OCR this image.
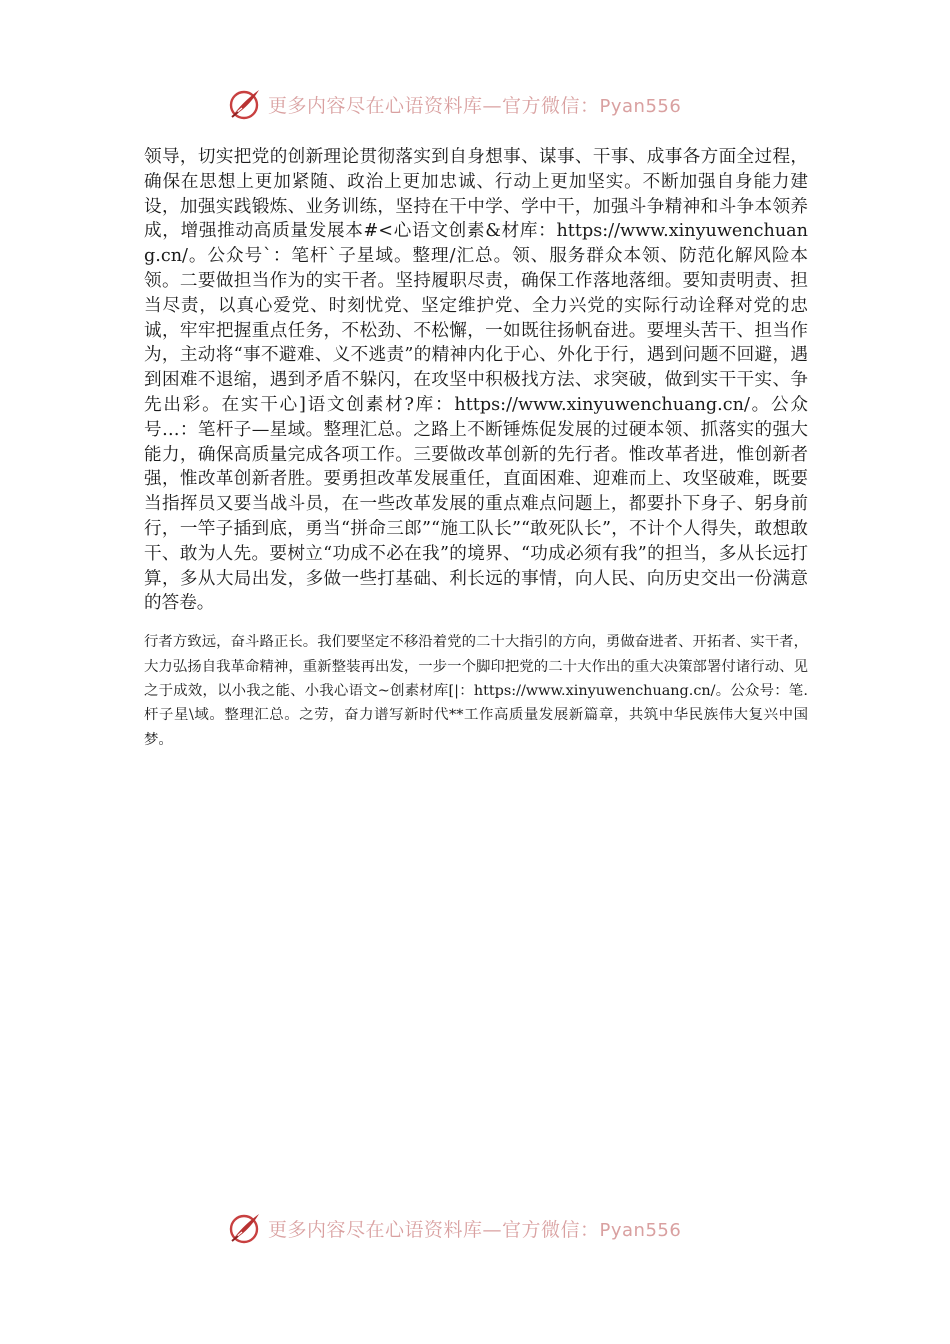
更多内容尽在心语资料库—官方微信：Pyan556

领导，切实把党的创新理论贯彻落实到自身想事、谋事、干事、成事各方面全过程，确保在思想上更加紧随、政治上更加忠诚、行动上更加坚实。不断加强自身能力建设，加强实践锻炼、业务训练，坚持在干中学、学中干，加强斗争精神和斗争本领养成，增强推动高质量发展本#<心语文创素&材库：https://www.xinyuwenchuang.cn/。公众号`：笔杆`子星域。整理/汇总。领、服务群众本领、防范化解风险本领。二要做担当作为的实干者。坚持履职尽责，确保工作落地落细。要知责明责、担当尽责，以真心爱党、时刻忧党、坚定维护党、全力兴党的实际行动诠释对党的忠诚，牢牢把握重点任务，不松劲、不松懈，一如既往扬帆奋进。要埋头苦干、担当作为，主动将“事不避难、义不逃责”的精神内化于心、外化于行，遇到问题不回避，遇到困难不退缩，遇到矛盾不躲闪，在攻坚中积极找方法、求突破，做到实干干实、争先出彩。在实干心]语文创素材?库：https://www.xinyuwenchuang.cn/。公众号…：笔杆子—星域。整理汇总。之路上不断锤炼促发展的过硬本领、抓落实的强大能力，确保高质量完成各项工作。三要做改革创新的先行者。惟改革者进，惟创新者强，惟改革创新者胜。要勇担改革发展重任，直面困难、迎难而上、攻坚破难，既要当指挥员又要当战斗员，在一些改革发展的重点难点问题上，都要扑下身子、躬身前行，一竿子插到底，勇当“拼命三郎”“施工队长”“敢死队长”，不计个人得失，敢想敢干、敢为人先。要树立“功成不必在我”的境界、“功成必须有我”的担当，多从长远打算，多从大局出发，多做一些打基础、利长远的事情，向人民、向历史交出一份满意的答卷。

行者方致远，奋斗路正长。我们要坚定不移沿着党的二十大指引的方向，勇做奋进者、开拓者、实干者，大力弘扬自我革命精神，重新整装再出发，一步一个脚印把党的二十大作出的重大决策部署付诸行动、见之于成效，以小我之能、小我心语文~创素材库[|：https://www.xinyuwenchuang.cn/。公众号：笔.杆子星\域。整理汇总。之劳，奋力谱写新时代**工作高质量发展新篇章，共筑中华民族伟大复兴中国梦。

更多内容尽在心语资料库—官方微信：Pyan556
